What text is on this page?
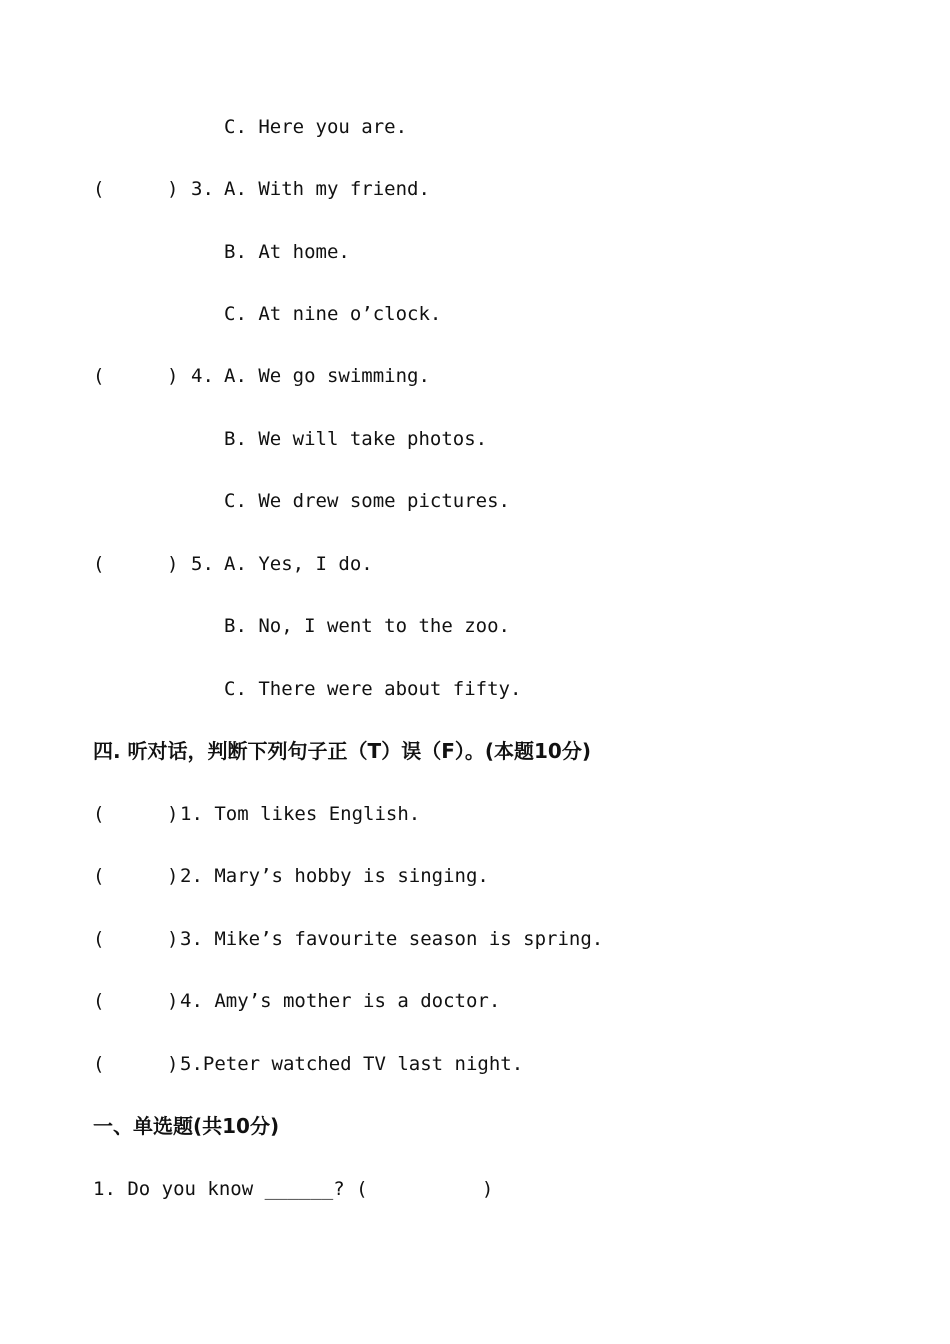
C. Here you are.
(	) 3. A. With my friend.
B. At home.
C. At nine o’clock.
(	) 4. A. We go swimming.
B. We will take photos.
C. We drew some pictures.
(	) 5. A. Yes, I do.
B. No, I went to the zoo.
C. There were about fifty.
四. 听对话，判断下列句子正（T）误（F）。(本题10分)
(	) 1. Tom likes English.
(	) 2. Mary’s hobby is singing.
(	) 3. Mike’s favourite season is spring.
(	) 4. Amy’s mother is a doctor.
(	) 5.Peter watched TV last night.
一、单选题(共10分)
1. Do you know ______? (          )
